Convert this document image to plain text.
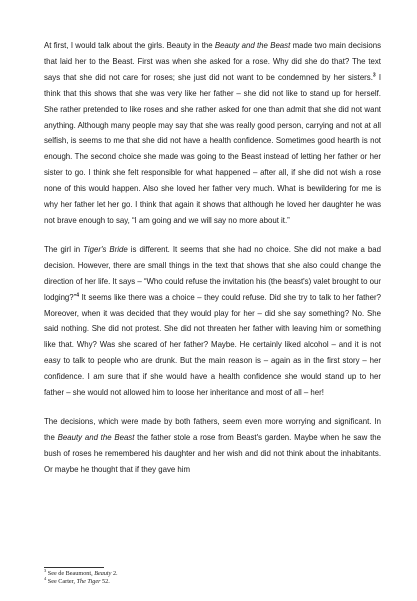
At first, I would talk about the girls. Beauty in the Beauty and the Beast made two main decisions that laid her to the Beast. First was when she asked for a rose. Why did she do that? The text says that she did not care for roses; she just did not want to be condemned by her sisters.$^3$ I think that this shows that she was very like her father – she did not like to stand up for herself. She rather pretended to like roses and she rather asked for one than admit that she did not want anything. Although many people may say that she was really good person, carrying and not at all selfish, is seems to me that she did not have a health confidence. Sometimes good hearth is not enough. The second choice she made was going to the Beast instead of letting her father or her sister to go. I think she felt responsible for what happened – after all, if she did not wish a rose none of this would happen. Also she loved her father very much. What is bewildering for me is why her father let her go. I think that again it shows that although he loved her daughter he was not brave enough to say, “I am going and we will say no more about it.”

The girl in Tiger's Bride is different. It seems that she had no choice. She did not make a bad decision. However, there are small things in the text that shows that she also could change the direction of her life. It says – “Who could refuse the invitation his (the beast's) valet brought to our lodging?”$^4$ It seems like there was a choice – they could refuse. Did she try to talk to her father? Moreover, when it was decided that they would play for her – did she say something? No. She said nothing. She did not protest. She did not threaten her father with leaving him or something like that. Why? Was she scared of her father? Maybe. He certainly liked alcohol – and it is not easy to talk to people who are drunk. But the main reason is – again as in the first story – her confidence. I am sure that if she would have a health confidence she would stand up to her father – she would not allowed him to loose her inheritance and most of all – her!

The decisions, which were made by both fathers, seem even more worrying and significant. In the Beauty and the Beast the father stole a rose from Beast's garden. Maybe when he saw the bush of roses he remembered his daughter and her wish and did not think about the inhabitants. Or maybe he thought that if they gave him

$^3$ See de Beaumont, Beauty 2.
$^4$ See Carter, The Tiger 52.
